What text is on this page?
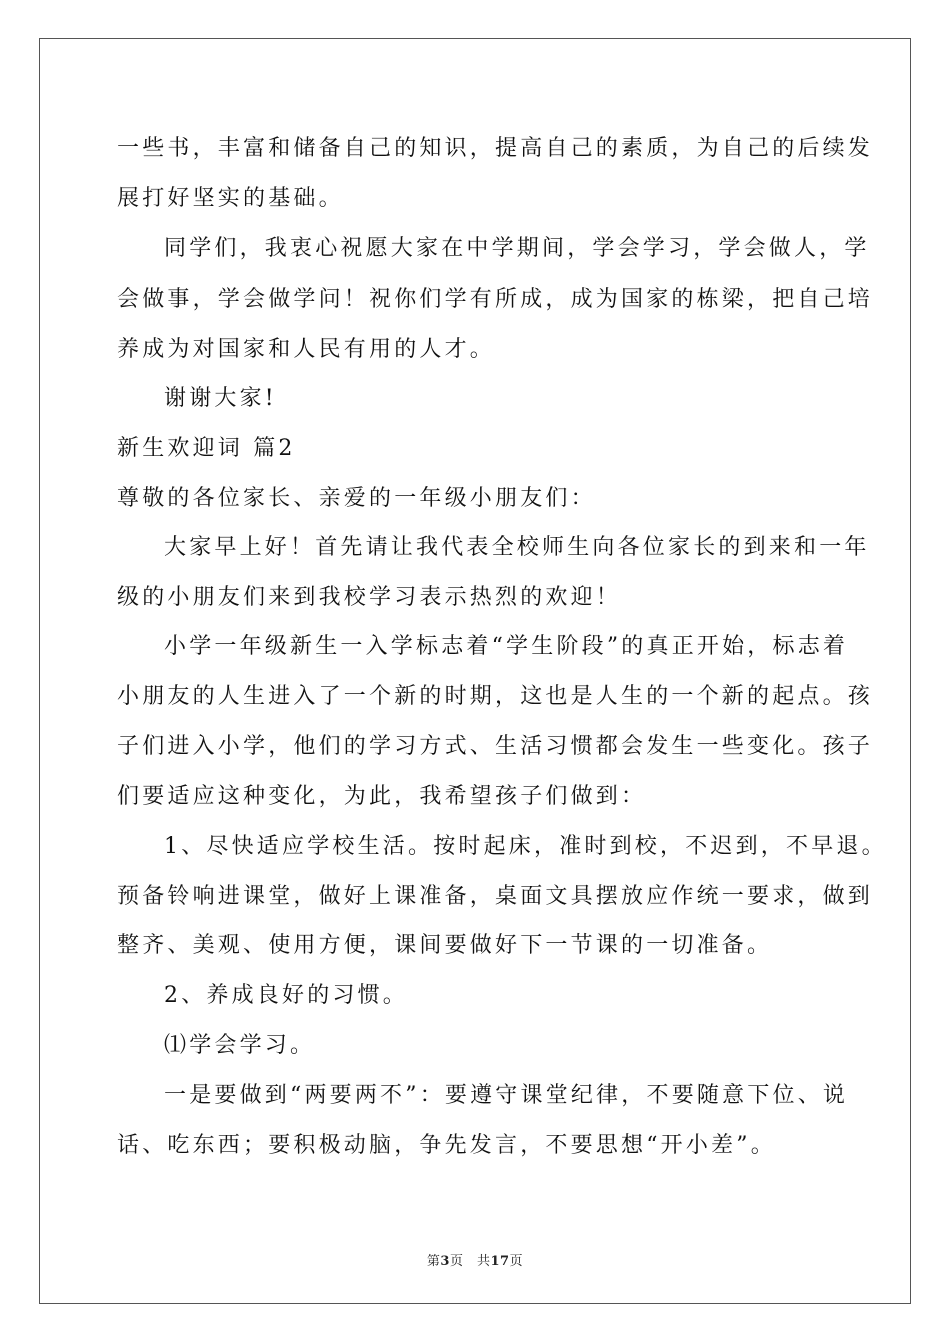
一些书，丰富和储备自己的知识，提高自己的素质，为自己的后续发
展打好坚实的基础。
同学们，我衷心祝愿大家在中学期间，学会学习，学会做人，学
会做事，学会做学问！祝你们学有所成，成为国家的栋梁，把自己培
养成为对国家和人民有用的人才。
谢谢大家!
新生欢迎词 篇2
尊敬的各位家长、亲爱的一年级小朋友们：
大家早上好！首先请让我代表全校师生向各位家长的到来和一年
级的小朋友们来到我校学习表示热烈的欢迎！
小学一年级新生一入学标志着“学生阶段”的真正开始，标志着
小朋友的人生进入了一个新的时期，这也是人生的一个新的起点。孩
子们进入小学，他们的学习方式、生活习惯都会发生一些变化。孩子
们要适应这种变化，为此，我希望孩子们做到：
1、尽快适应学校生活。按时起床，准时到校，不迟到，不早退。
预备铃响进课堂，做好上课准备，桌面文具摆放应作统一要求，做到
整齐、美观、使用方便，课间要做好下一节课的一切准备。
2、养成良好的习惯。
⑴学会学习。
一是要做到“两要两不”：要遵守课堂纪律，不要随意下位、说
话、吃东西；要积极动脑，争先发言，不要思想“开小差”。
第3页　共17页
